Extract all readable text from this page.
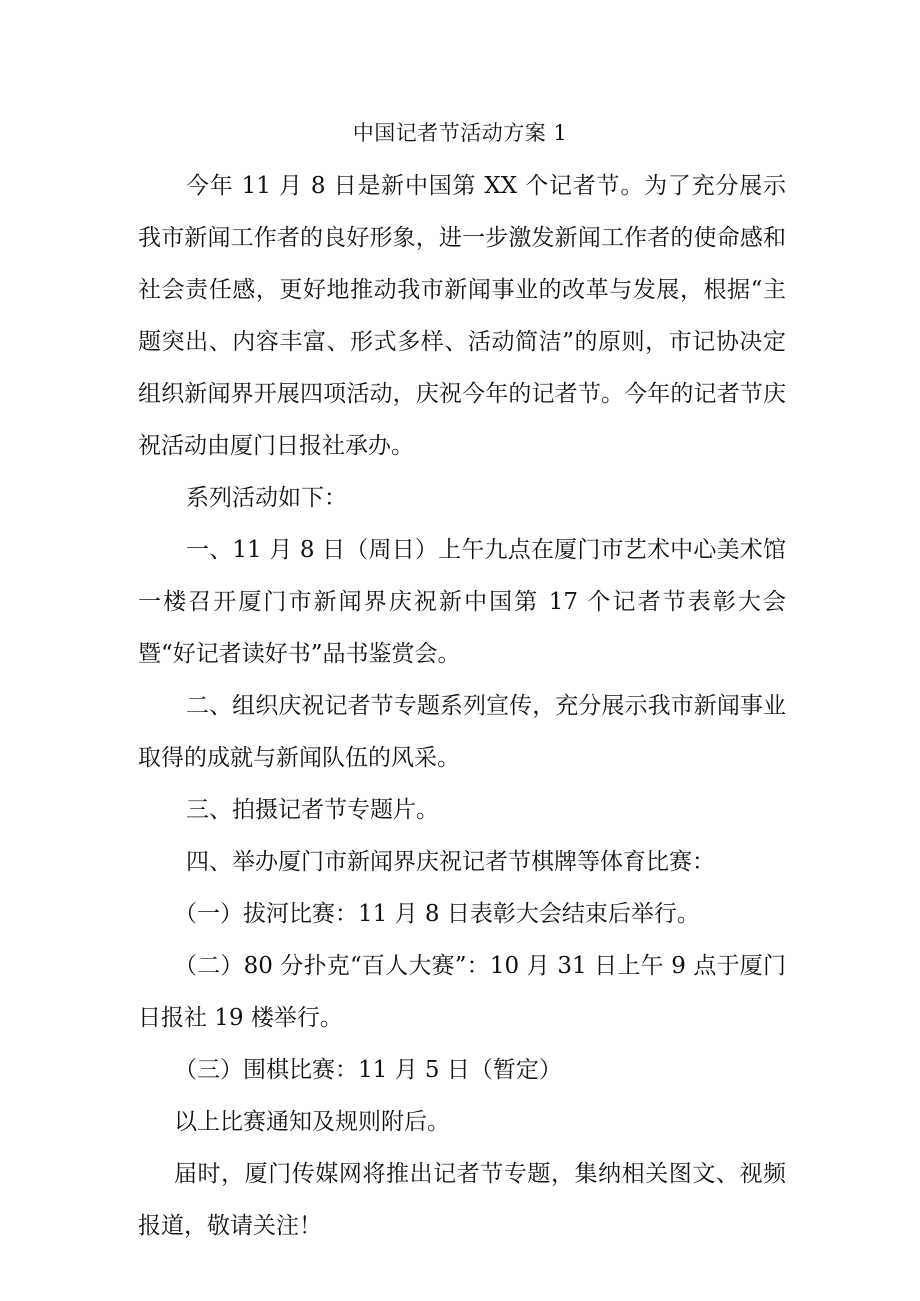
中国记者节活动方案 1

今年 11 月 8 日是新中国第 XX 个记者节。为了充分展示我市新闻工作者的良好形象，进一步激发新闻工作者的使命感和社会责任感，更好地推动我市新闻事业的改革与发展，根据“主题突出、内容丰富、形式多样、活动简洁”的原则，市记协决定组织新闻界开展四项活动，庆祝今年的记者节。今年的记者节庆祝活动由厦门日报社承办。

系列活动如下：

一、11 月 8 日（周日）上午九点在厦门市艺术中心美术馆一楼召开厦门市新闻界庆祝新中国第 17 个记者节表彰大会暨“好记者读好书”品书鉴赏会。

二、组织庆祝记者节专题系列宣传，充分展示我市新闻事业取得的成就与新闻队伍的风采。

三、拍摄记者节专题片。

四、举办厦门市新闻界庆祝记者节棋牌等体育比赛：

（一）拔河比赛：11 月 8 日表彰大会结束后举行。

（二）80 分扑克“百人大赛”：10 月 31 日上午 9 点于厦门日报社 19 楼举行。

（三）围棋比赛：11 月 5 日（暂定）

以上比赛通知及规则附后。

届时，厦门传媒网将推出记者节专题，集纳相关图文、视频报道，敬请关注！
